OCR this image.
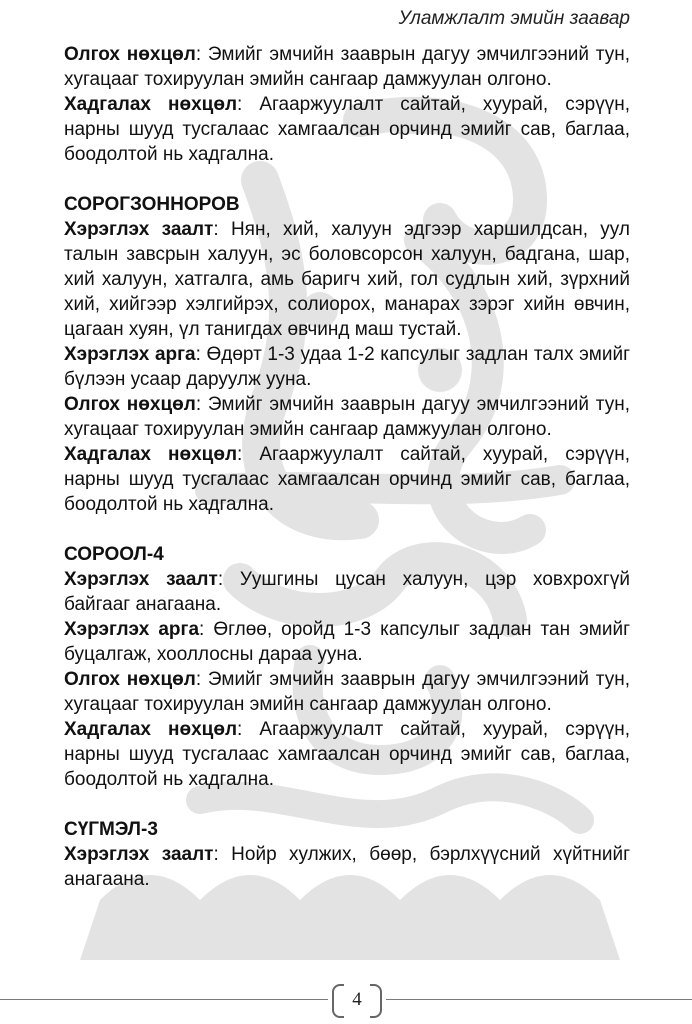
Уламжлалт эмийн заавар

Олгох нөхцөл: Эмийг эмчийн зааврын дагуу эмчилгээний тун, хугацааг тохируулан эмийн сангаар дамжуулан олгоно.

Хадгалах нөхцөл: Агааржуулалт сайтай, хуурай, сэрүүн, нарны шууд тусгалаас хамгаалсан орчинд эмийг сав, баглаа, боодолтой нь хадгална.

СОРОГЗОННОРОВ

Хэрэглэх заалт: Нян, хий, халуун эдгээр харшилдсан, уул талын завсрын халуун, эс боловсорсон халуун, бадгана, шар, хий халуун, хатгалга, амь баригч хий, гол судлын хий, зүрхний хий, хийгээр хэлгийрэх, солиорох, манарах зэрэг хийн өвчин, цагаан хуян, үл танигдах өвчинд маш тустай.

Хэрэглэх арга: Өдөрт 1-3 удаа 1-2 капсулыг задлан талх эмийг бүлээн усаар даруулж ууна.

Олгох нөхцөл: Эмийг эмчийн зааврын дагуу эмчилгээний тун, хугацааг тохируулан эмийн сангаар дамжуулан олгоно.

Хадгалах нөхцөл: Агааржуулалт сайтай, хуурай, сэрүүн, нарны шууд тусгалаас хамгаалсан орчинд эмийг сав, баглаа, боодолтой нь хадгална.

СОРООЛ-4

Хэрэглэх заалт: Уушгины цусан халуун, цэр ховхрохгүй байгааг анагаана.

Хэрэглэх арга: Өглөө, оройд 1-3 капсулыг задлан тан эмийг буцалгаж, хооллосны дараа ууна.

Олгох нөхцөл: Эмийг эмчийн зааврын дагуу эмчилгээний тун, хугацааг тохируулан эмийн сангаар дамжуулан олгоно.

Хадгалах нөхцөл: Агааржуулалт сайтай, хуурай, сэрүүн, нарны шууд тусгалаас хамгаалсан орчинд эмийг сав, баглаа, боодолтой нь хадгална.

СҮГМЭЛ-3

Хэрэглэх заалт: Нойр хулжих, бөөр, бэрлхүүсний хүйтнийг анагаана.

4
